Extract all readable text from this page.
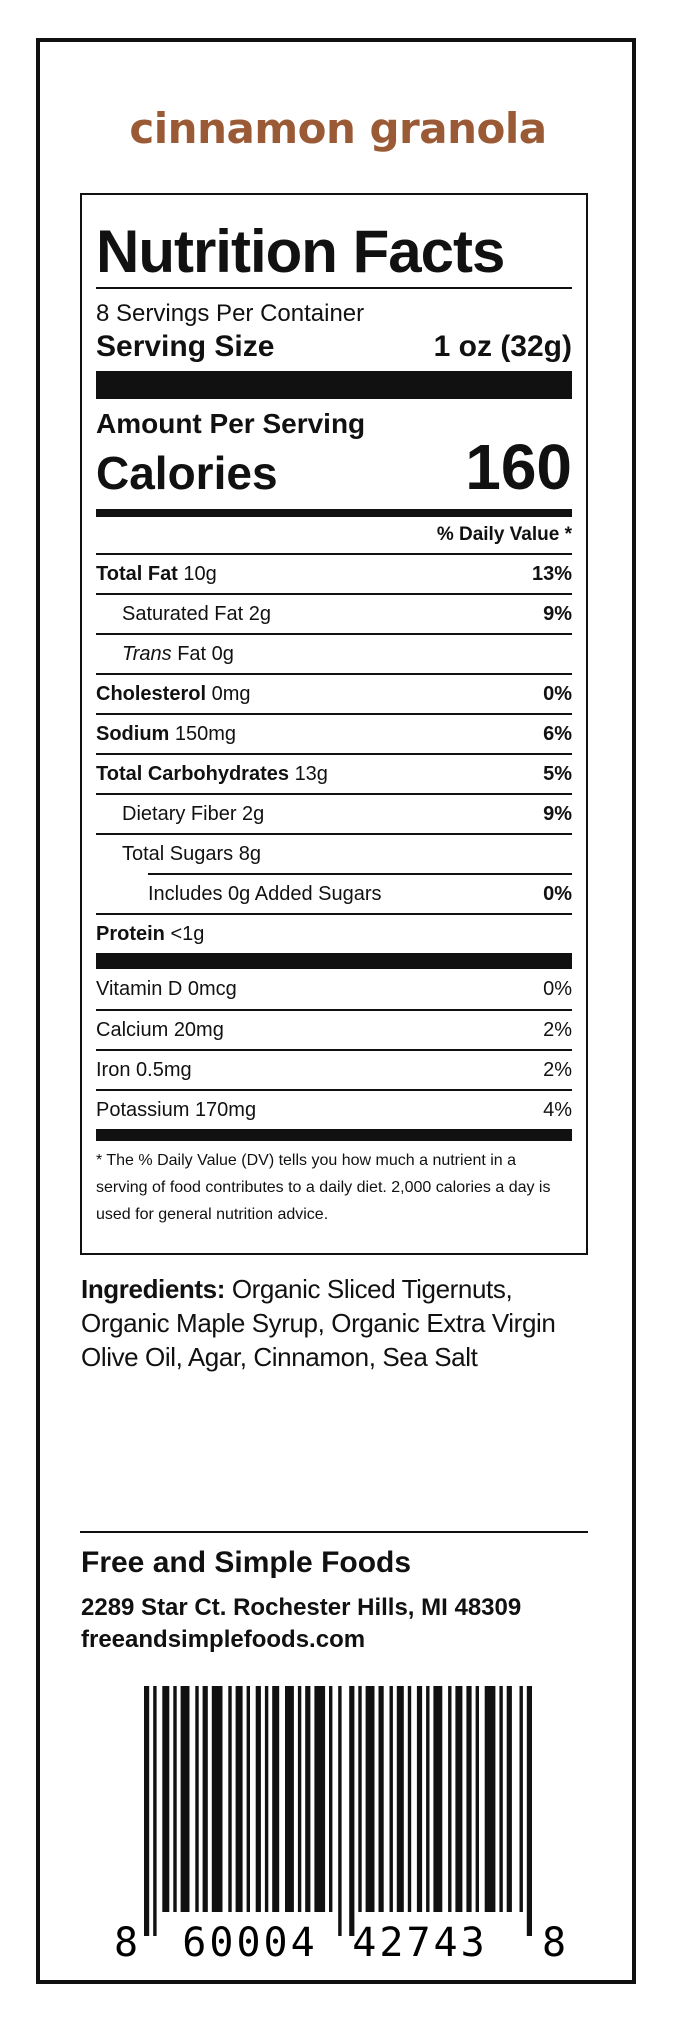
cinnamon granola
Nutrition Facts
8 Servings Per Container
Serving Size	1 oz (32g)
Amount Per Serving
Calories	160
% Daily Value *
Total Fat 10g	13%
Saturated Fat 2g	9%
Trans Fat 0g
Cholesterol 0mg	0%
Sodium 150mg	6%
Total Carbohydrates 13g	5%
Dietary Fiber 2g	9%
Total Sugars 8g
Includes 0g Added Sugars	0%
Protein <1g
Vitamin D 0mcg	0%
Calcium 20mg	2%
Iron 0.5mg	2%
Potassium 170mg	4%
* The % Daily Value (DV) tells you how much a nutrient in a serving of food contributes to a daily diet. 2,000 calories a day is used for general nutrition advice.
Ingredients: Organic Sliced Tigernuts, Organic Maple Syrup, Organic Extra Virgin Olive Oil, Agar, Cinnamon, Sea Salt
Free and Simple Foods
2289 Star Ct. Rochester Hills, MI 48309
freeandsimplefoods.com
8 60004 42743 8
